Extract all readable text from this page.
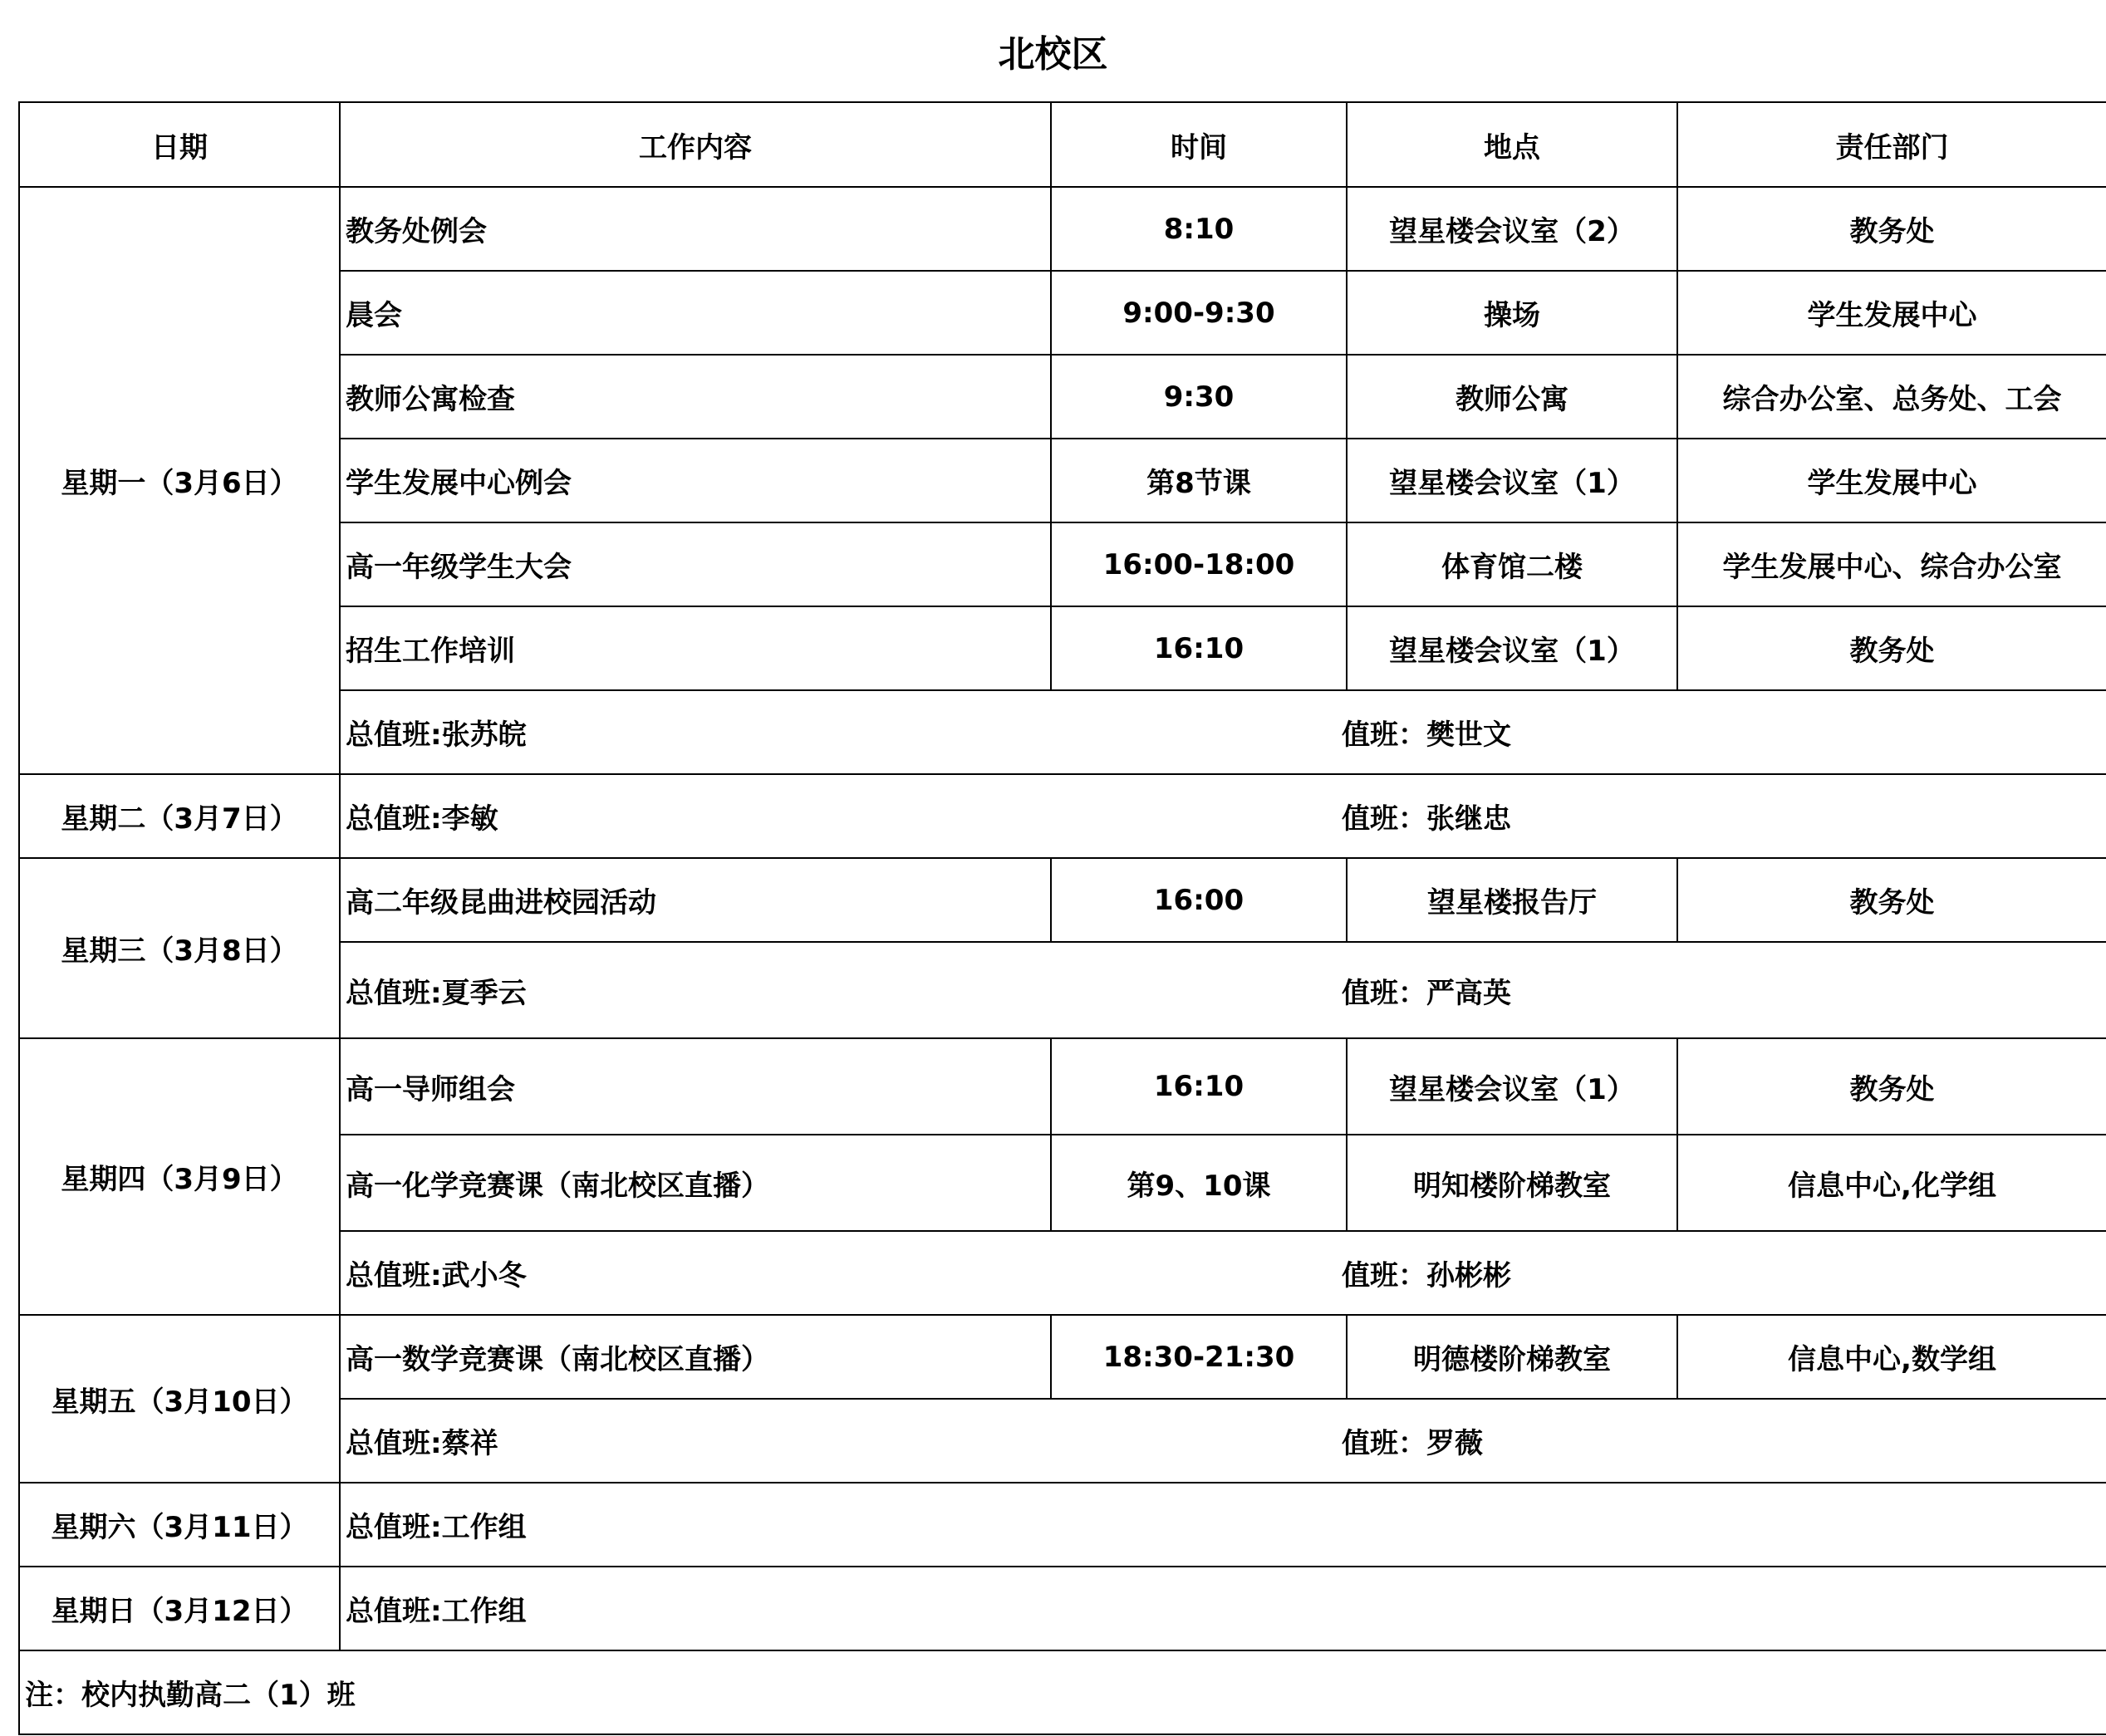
北校区
日期	工作内容	时间	地点	责任部门
星期一（3月6日）	教务处例会	8:10	望星楼会议室（2）	教务处
	晨会	9:00-9:30	操场	学生发展中心
	教师公寓检查	9:30	教师公寓	综合办公室、总务处、工会
	学生发展中心例会	第8节课	望星楼会议室（1）	学生发展中心
	高一年级学生大会	16:00-18:00	体育馆二楼	学生发展中心、综合办公室
	招生工作培训	16:10	望星楼会议室（1）	教务处

	总值班:张苏皖 值班：樊世文			

星期二（3月7日）	总值班:李敏 值班：张继忠			

星期三（3月8日）	高二年级昆曲进校园活动	16:00	望星楼报告厅	教务处

	总值班:夏季云 值班：严高英			

星期四（3月9日）	高一导师组会	16:10	望星楼会议室（1）	教务处
	高一化学竞赛课（南北校区直播）	第9、10课	明知楼阶梯教室	信息中心,化学组

	总值班:武小冬 值班：孙彬彬			

星期五（3月10日）	高一数学竞赛课（南北校区直播）	18:30-21:30	明德楼阶梯教室	信息中心,数学组

	总值班:蔡祥 值班：罗薇			

星期六（3月11日）	总值班:工作组			

星期日（3月12日）	总值班:工作组			

注：校内执勤高二（1）班				
